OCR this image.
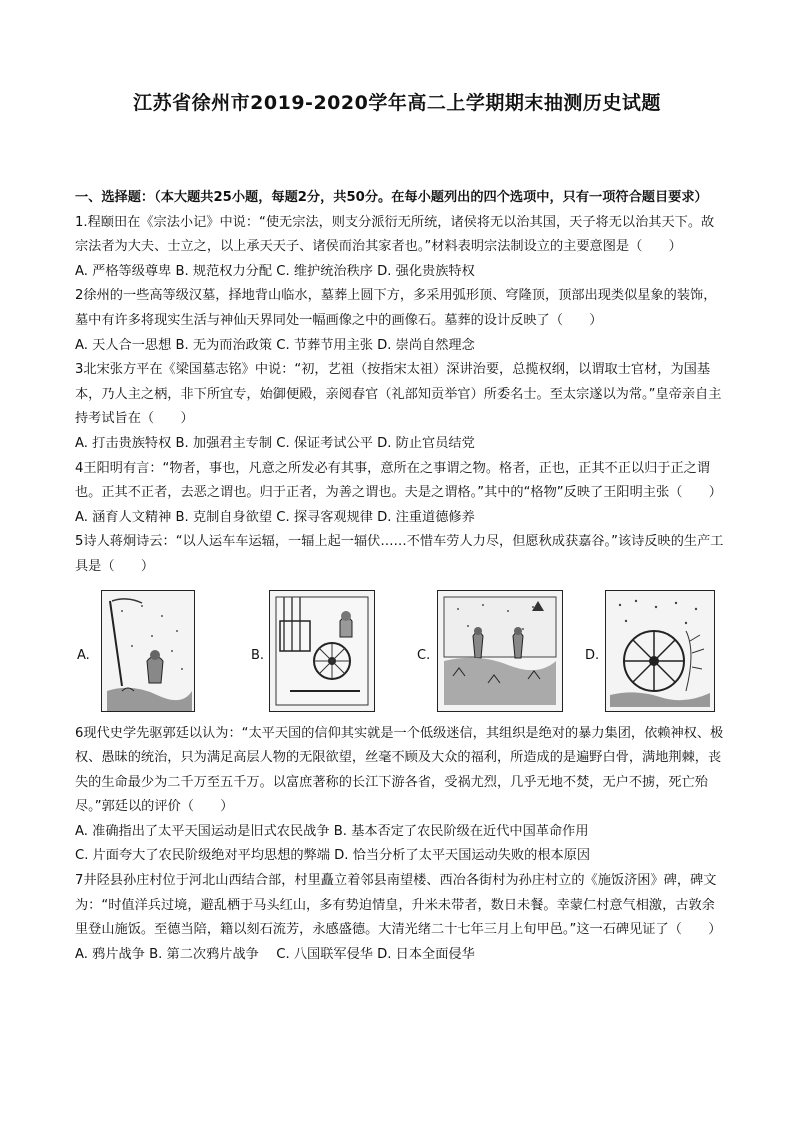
江苏省徐州市2019-2020学年高二上学期期末抽测历史试题

一、选择题：（本大题共25小题，每题2分，共50分。在每小题列出的四个选项中，只有一项符合题目要求）

1.程颐田在《宗法小记》中说：“使无宗法，则支分派衍无所统，诸侯将无以治其国，天子将无以治其天下。故宗法者为大夫、士立之，以上承天天子、诸侯而治其家者也。”材料表明宗法制设立的主要意图是（　　）

A. 严格等级尊卑 B. 规范权力分配 C. 维护统治秩序 D. 强化贵族特权

2徐州的一些高等级汉墓，择地背山临水，墓葬上圆下方，多采用弧形顶、穹隆顶，顶部出现类似星象的装饰，墓中有许多将现实生活与神仙天界同处一幅画像之中的画像石。墓葬的设计反映了（　　）

A. 天人合一思想 B. 无为而治政策 C. 节葬节用主张 D. 崇尚自然理念

3北宋张方平在《梁国墓志铭》中说：“初，艺祖（按指宋太祖）深讲治要，总揽权纲，以谓取士官材，为国基本，乃人主之柄，非下所宜专，始御便殿，亲阅春官（礼部知贡举官）所委名士。至太宗遂以为常。”皇帝亲自主持考试旨在（　　）

A. 打击贵族特权 B. 加强君主专制 C. 保证考试公平 D. 防止官员结党

4王阳明有言：“物者，事也，凡意之所发必有其事，意所在之事谓之物。格者，正也，正其不正以归于正之谓也。正其不正者，去恶之谓也。归于正者，为善之谓也。夫是之谓格。”其中的“格物”反映了王阳明主张（　　）

A. 涵育人文精神 B. 克制自身欲望 C. 探寻客观规律 D. 注重道德修养

5诗人蒋炯诗云：“以人运车车运辐，一辐上起一辐伏……不惜车劳人力尽，但愿秋成获嘉谷。”该诗反映的生产工具是（　　）

A.	B.	C.	D.

6现代史学先驱郭廷以认为：“太平天国的信仰其实就是一个低级迷信，其组织是绝对的暴力集团，依赖神权、极权、愚昧的统治，只为满足高层人物的无限欲望，丝毫不顾及大众的福利，所造成的是遍野白骨，满地荆棘，丧失的生命最少为二千万至五千万。以富庶著称的长江下游各省，受祸尤烈，几乎无地不焚，无户不掳，死亡殆尽。”郭廷以的评价（　　）

A. 准确指出了太平天国运动是旧式农民战争 B. 基本否定了农民阶级在近代中国革命作用

C. 片面夸大了农民阶级绝对平均思想的弊端 D. 恰当分析了太平天国运动失败的根本原因

7井陉县孙庄村位于河北山西结合部，村里矗立着邻县南望楼、西冶各街村为孙庄村立的《施饭济困》碑，碑文为：“时值洋兵过境，避乱栖于马头红山，多有势迫情皇，升米未带者，数日未餐。幸蒙仁村意气相激，古敦余里登山施饭。至德当陪，籍以刻石流芳，永感盛德。大清光绪二十七年三月上旬甲邑。”这一石碑见证了（　　）

A. 鸦片战争 B. 第二次鸦片战争　 C. 八国联军侵华 D. 日本全面侵华
